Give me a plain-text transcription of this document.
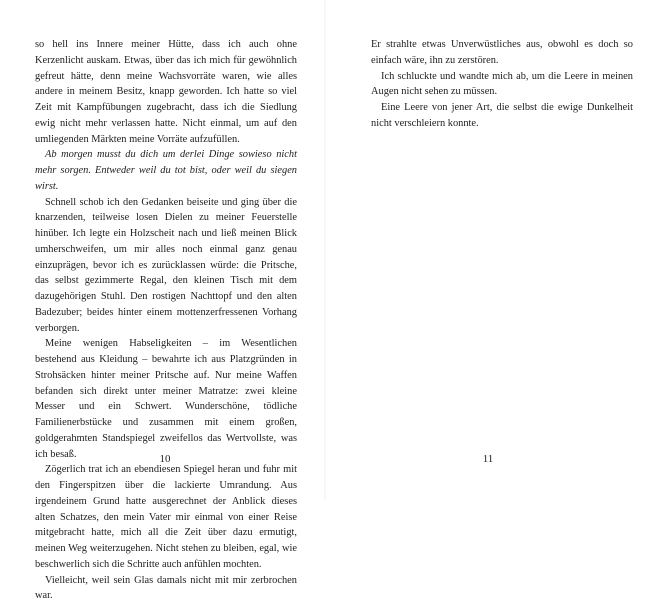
so hell ins Innere meiner Hütte, dass ich auch ohne Kerzenlicht auskam. Etwas, über das ich mich für gewöhnlich gefreut hätte, denn meine Wachsvorräte waren, wie alles andere in meinem Besitz, knapp geworden. Ich hatte so viel Zeit mit Kampfübungen zugebracht, dass ich die Siedlung ewig nicht mehr verlassen hatte. Nicht einmal, um auf den umliegenden Märkten meine Vorräte aufzufüllen.

Ab morgen musst du dich um derlei Dinge sowieso nicht mehr sorgen. Entweder weil du tot bist, oder weil du siegen wirst.

Schnell schob ich den Gedanken beiseite und ging über die knarzenden, teilweise losen Dielen zu meiner Feuerstelle hinüber. Ich legte ein Holzscheit nach und ließ meinen Blick umherschweifen, um mir alles noch einmal ganz genau einzuprägen, bevor ich es zurücklassen würde: die Pritsche, das selbst gezimmerte Regal, den kleinen Tisch mit dem dazugehörigen Stuhl. Den rostigen Nachttopf und den alten Badezuber; beides hinter einem mottenzerfressenen Vorhang verborgen.

Meine wenigen Habseligkeiten – im Wesentlichen bestehend aus Kleidung – bewahrte ich aus Platzgründen in Strohsäcken hinter meiner Pritsche auf. Nur meine Waffen befanden sich direkt unter meiner Matratze: zwei kleine Messer und ein Schwert. Wunderschöne, tödliche Familienerbstücke und zusammen mit einem großen, goldgerahmten Standspiegel zweifellos das Wertvollste, was ich besaß.

Zögerlich trat ich an ebendiesen Spiegel heran und fuhr mit den Fingerspitzen über die lackierte Umrandung. Aus irgendeinem Grund hatte ausgerechnet der Anblick dieses alten Schatzes, den mein Vater mir einmal von einer Reise mitgebracht hatte, mich all die Zeit über dazu ermutigt, meinen Weg weiterzugehen. Nicht stehen zu bleiben, egal, wie beschwerlich sich die Schritte auch anfühlen mochten.

Vielleicht, weil sein Glas damals nicht mit mir zerbrochen war.

10

Er strahlte etwas Unverwüstliches aus, obwohl es doch so einfach wäre, ihn zu zerstören.

Ich schluckte und wandte mich ab, um die Leere in meinen Augen nicht sehen zu müssen.

Eine Leere von jener Art, die selbst die ewige Dunkelheit nicht verschleiern konnte.

11
